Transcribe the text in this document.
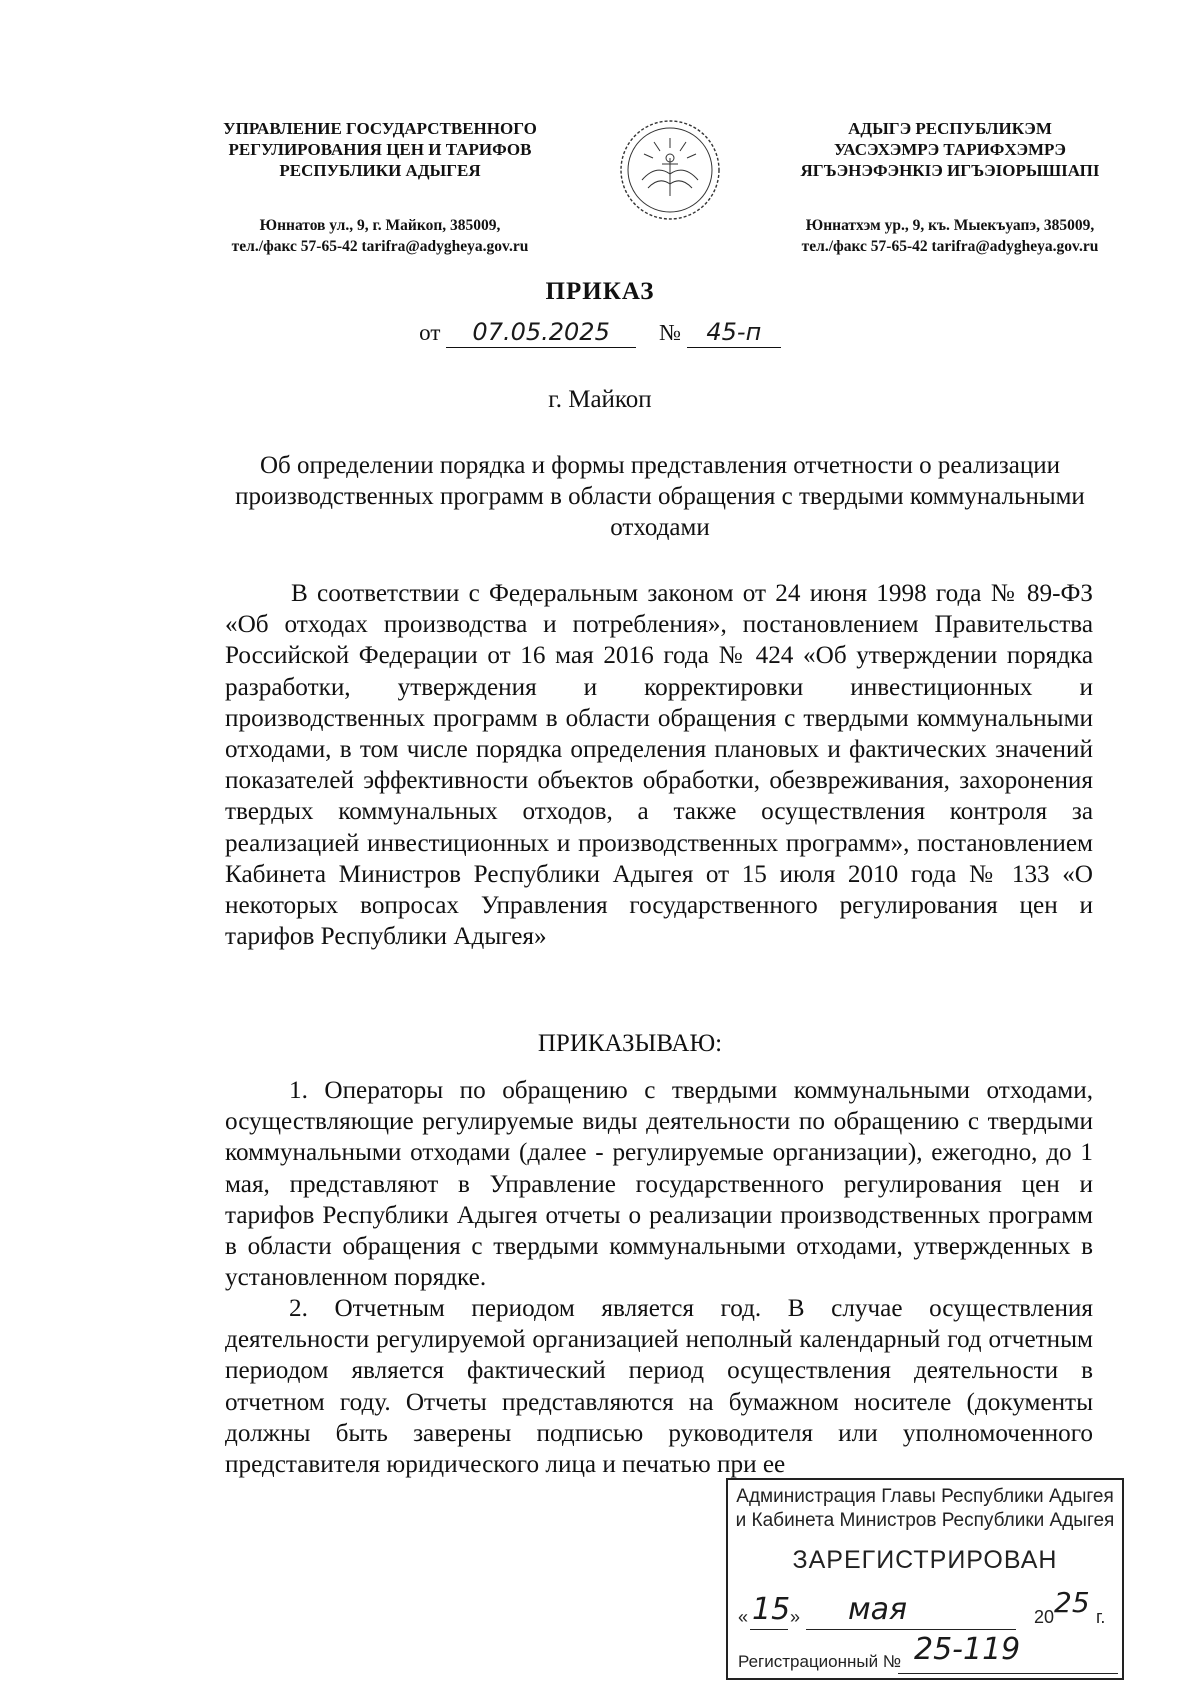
УПРАВЛЕНИЕ ГОСУДАРСТВЕННОГО
РЕГУЛИРОВАНИЯ ЦЕН И ТАРИФОВ
РЕСПУБЛИКИ АДЫГЕЯ
Юннатов ул., 9, г. Майкоп, 385009,
тел./факс 57-65-42 tarifra@adygheya.gov.ru
АДЫГЭ РЕСПУБЛИКЭМ
УАСЭХЭМРЭ ТАРИФХЭМРЭ
ЯГЪЭНЭФЭНКIЭ ИГЪЭIОРЫШIАПI
Юннатхэм ур., 9, къ. Мыекъуапэ, 385009,
тел./факс 57-65-42 tarifra@adygheya.gov.ru
ПРИКАЗ
от 07.05.2025 № 45-п
г. Майкоп
Об определении порядка и формы представления отчетности о реализации производственных программ в области обращения с твердыми коммунальными отходами
В соответствии с Федеральным законом от 24 июня 1998 года № 89-ФЗ «Об отходах производства и потребления», постановлением Правительства Российской Федерации от 16 мая 2016 года № 424 «Об утверждении порядка разработки, утверждения и корректировки инвестиционных и производственных программ в области обращения с твердыми коммунальными отходами, в том числе порядка определения плановых и фактических значений показателей эффективности объектов обработки, обезвреживания, захоронения твердых коммунальных отходов, а также осуществления контроля за реализацией инвестиционных и производственных программ», постановлением Кабинета Министров Республики Адыгея от 15 июля 2010 года № 133 «О некоторых вопросах Управления государственного регулирования цен и тарифов Республики Адыгея»
ПРИКАЗЫВАЮ:
1. Операторы по обращению с твердыми коммунальными отходами, осуществляющие регулируемые виды деятельности по обращению с твердыми коммунальными отходами (далее - регулируемые организации), ежегодно, до 1 мая, представляют в Управление государственного регулирования цен и тарифов Республики Адыгея отчеты о реализации производственных программ в области обращения с твердыми коммунальными отходами, утвержденных в установленном порядке.
2. Отчетным периодом является год. В случае осуществления деятельности регулируемой организацией неполный календарный год отчетным периодом является фактический период осуществления деятельности в отчетном году. Отчеты представляются на бумажном носителе (документы должны быть заверены подписью руководителя или уполномоченного представителя юридического лица и печатью при ее
Администрация Главы Республики Адыгея
и Кабинета Министров Республики Адыгея
ЗАРЕГИСТРИРОВАН
« 15 » мая	20 25 г.
Регистрационный № 25-119
